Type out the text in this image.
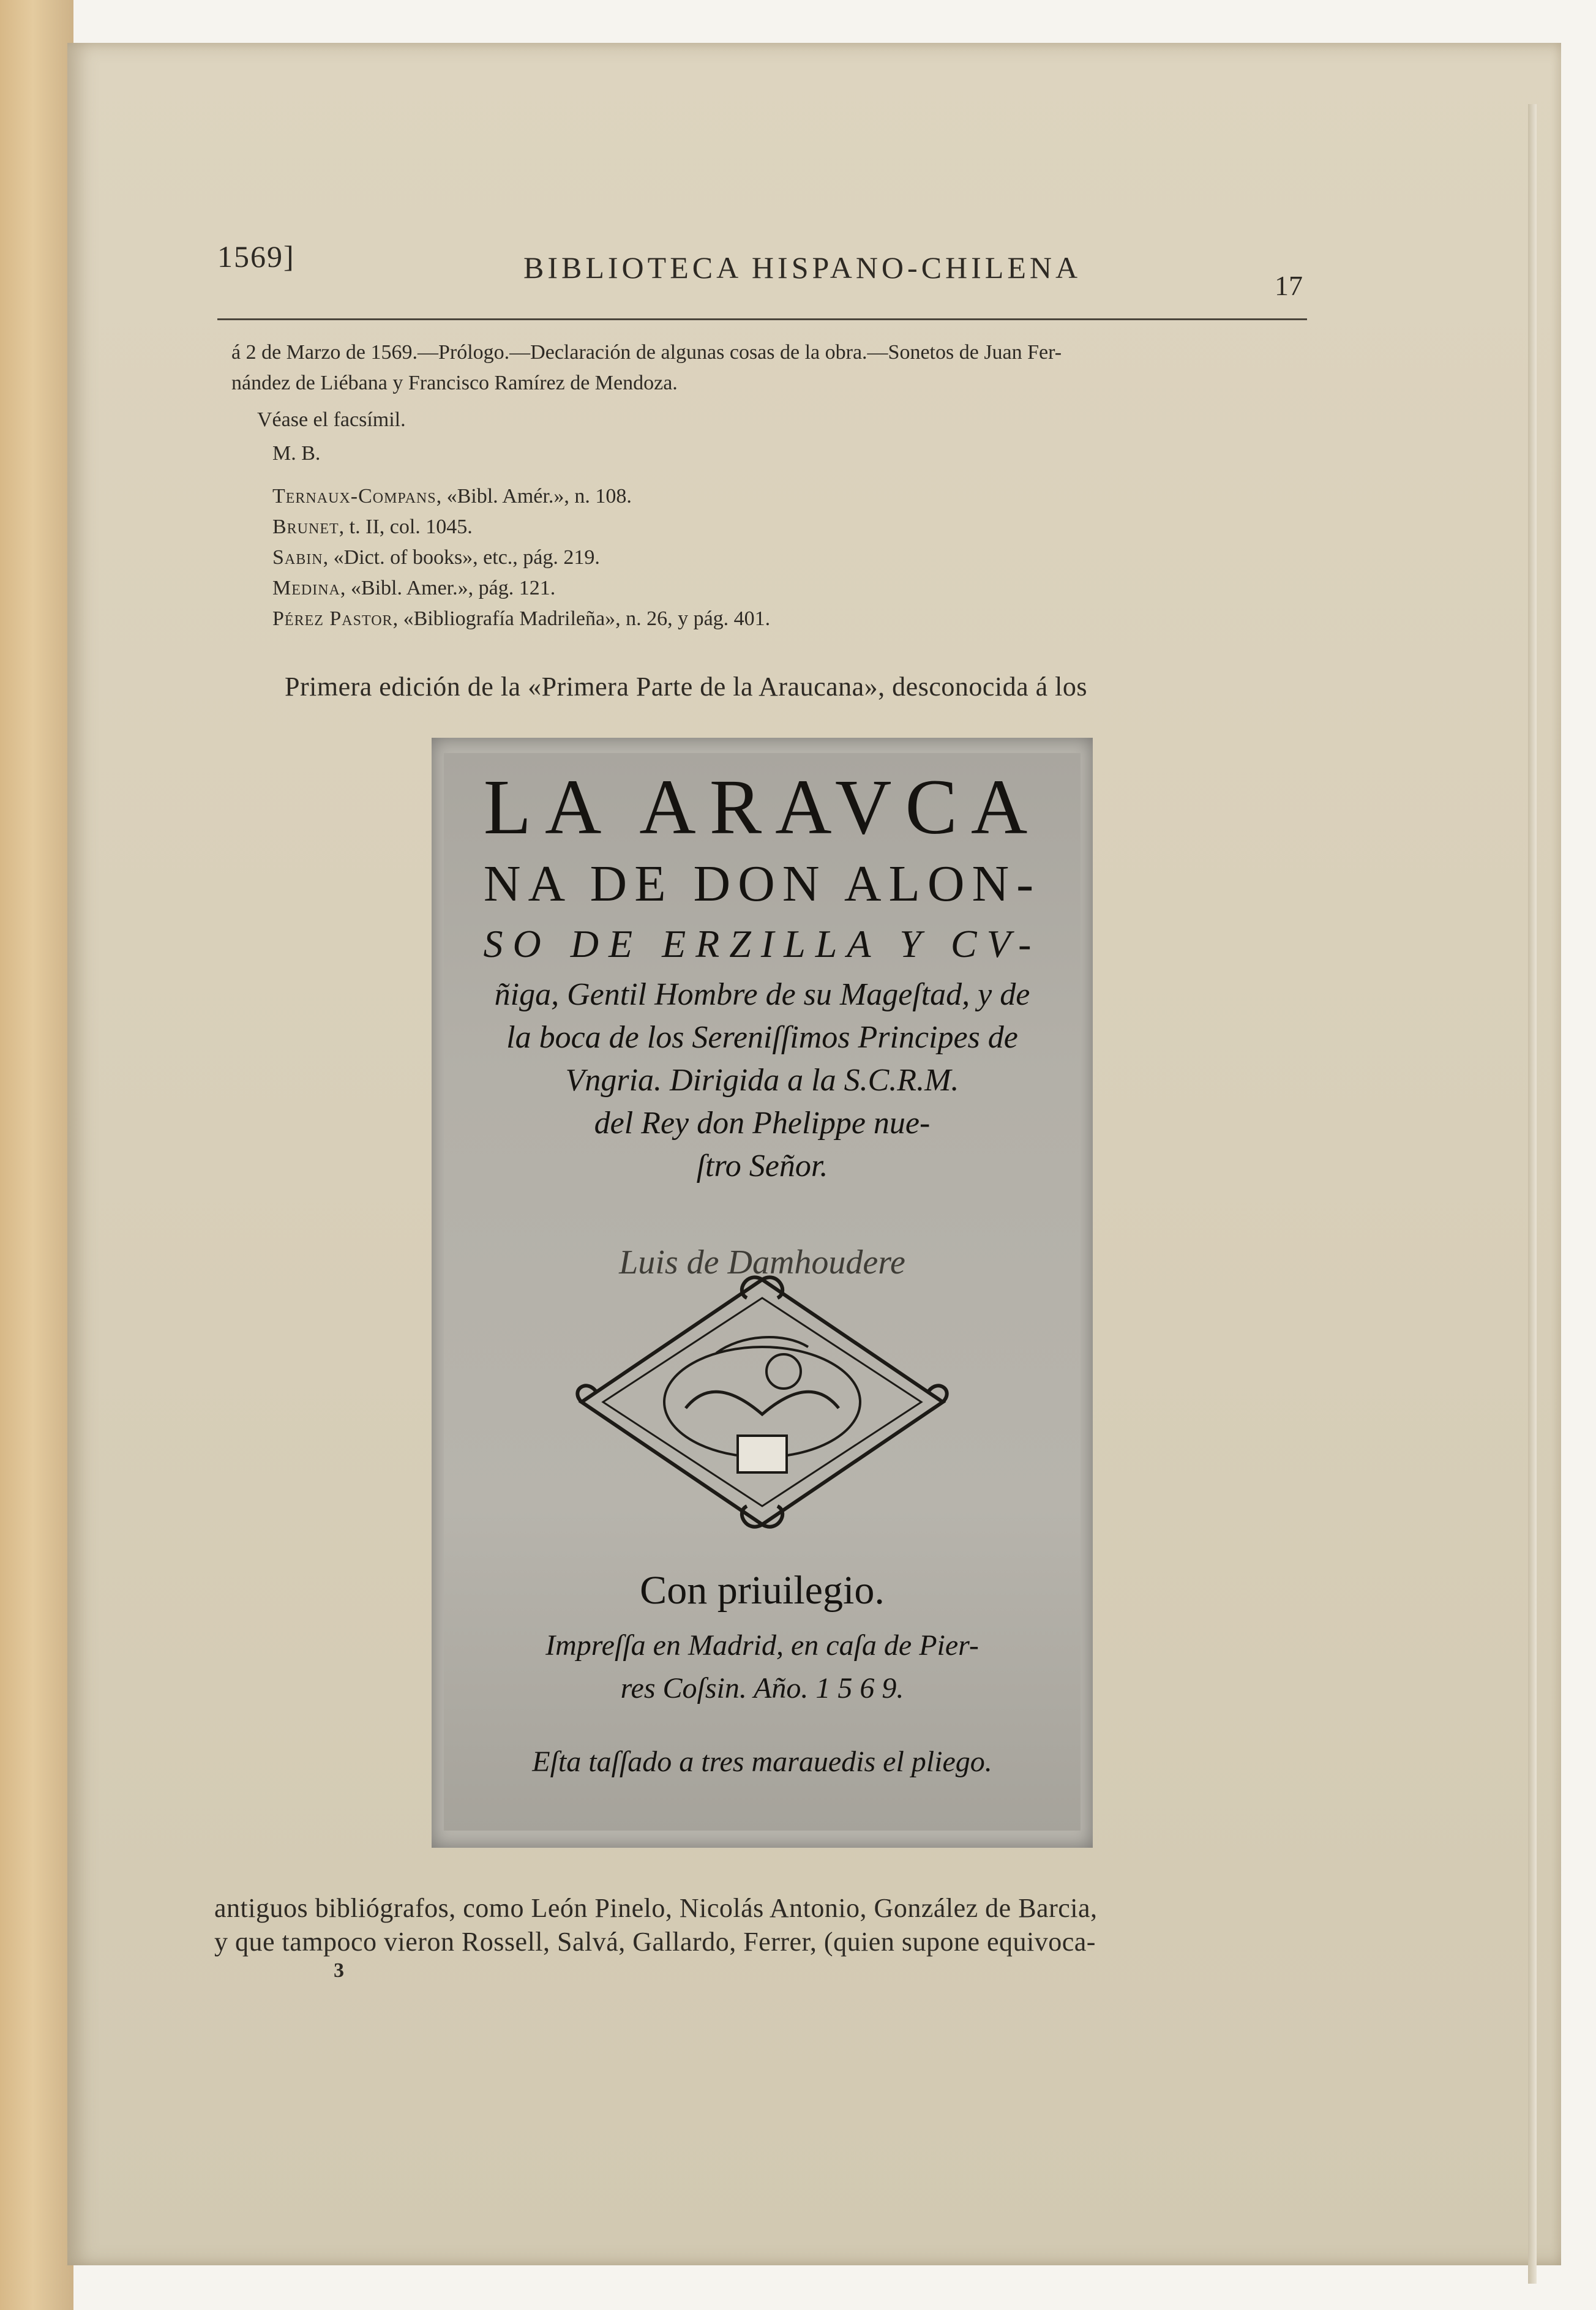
1569]	BIBLIOTECA HISPANO-CHILENA
17
á 2 de Marzo de 1569.—Prólogo.—Declaración de algunas cosas de la obra.—Sonetos de Juan Fer-
nández de Liébana y Francisco Ramírez de Mendoza.
Véase el facsímil.
M. B.
Ternaux-Compans, «Bibl. Amér.», n. 108.
Brunet, t. II, col. 1045.
Sabin, «Dict. of books», etc., pág. 219.
Medina, «Bibl. Amer.», pág. 121.
Pérez Pastor, «Bibliografía Madrileña», n. 26, y pág. 401.
Primera edición de la «Primera Parte de la Araucana», desconocida á los
LA ARAVCA
NA DE DON ALON-
SO DE ERZILLA Y CV-
ñiga, Gentil Hombre de su Mageſtad, y de
la boca de los Sereniſſimos Principes de
Vngria. Dirigida a la S.C.R.M.
del Rey don Phelippe nue-
ſtro Señor.
Luis de Damhoudere
Con priuilegio.
Impreſſa en Madrid, en caſa de Pier-
res Coſsin. Año. 1 5 6 9.
Eſta taſſado a tres marauedis el pliego.
antiguos bibliógrafos, como León Pinelo, Nicolás Antonio, González de Barcia,
y que tampoco vieron Rossell, Salvá, Gallardo, Ferrer, (quien supone equivoca-
3
